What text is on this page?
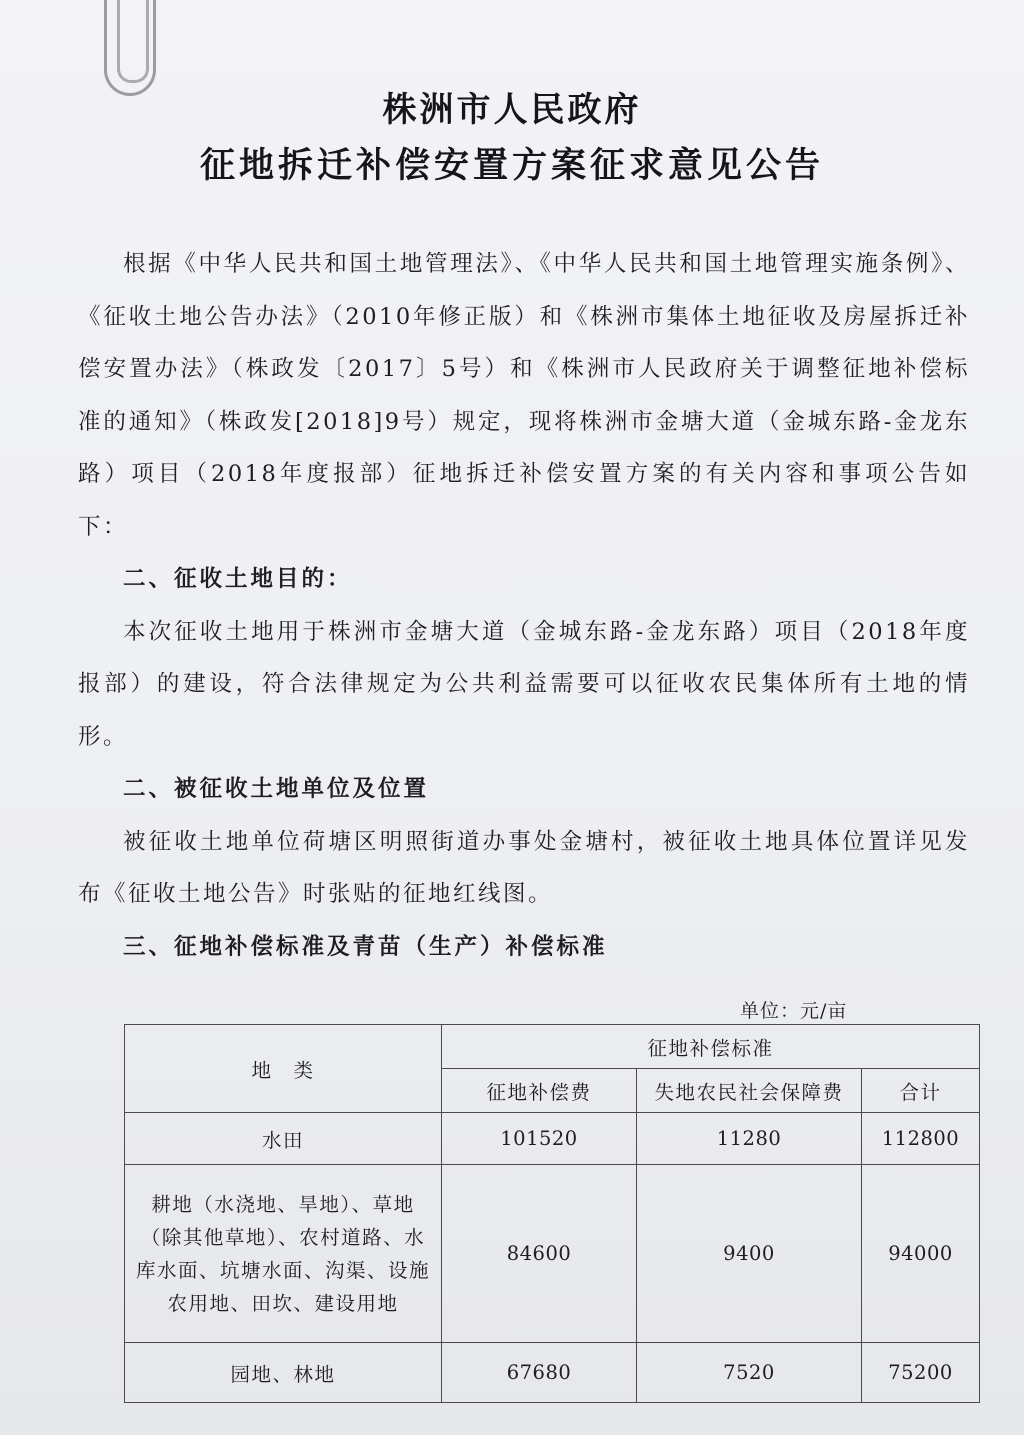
株洲市人民政府
征地拆迁补偿安置方案征求意见公告

根据《中华人民共和国土地管理法》、《中华人民共和国土地管理实施条例》、《征收土地公告办法》（2010年修正版）和《株洲市集体土地征收及房屋拆迁补偿安置办法》（株政发〔2017〕5号）和《株洲市人民政府关于调整征地补偿标准的通知》（株政发[2018]9号）规定，现将株洲市金塘大道（金城东路-金龙东路）项目（2018年度报部）征地拆迁补偿安置方案的有关内容和事项公告如下：

二、征收土地目的：

本次征收土地用于株洲市金塘大道（金城东路-金龙东路）项目（2018年度报部）的建设，符合法律规定为公共利益需要可以征收农民集体所有土地的情形。

二、被征收土地单位及位置

被征收土地单位荷塘区明照街道办事处金塘村，被征收土地具体位置详见发布《征收土地公告》时张贴的征地红线图。

三、征地补偿标准及青苗（生产）补偿标准
单位：元/亩
地　类	征地补偿标准		
	征地补偿费	失地农民社会保障费	合计
水田	101520	11280	112800
耕地（水浇地、旱地）、草地（除其他草地）、农村道路、水库水面、坑塘水面、沟渠、设施农用地、田坎、建设用地	84600	9400	94000
园地、林地	67680	7520	75200
